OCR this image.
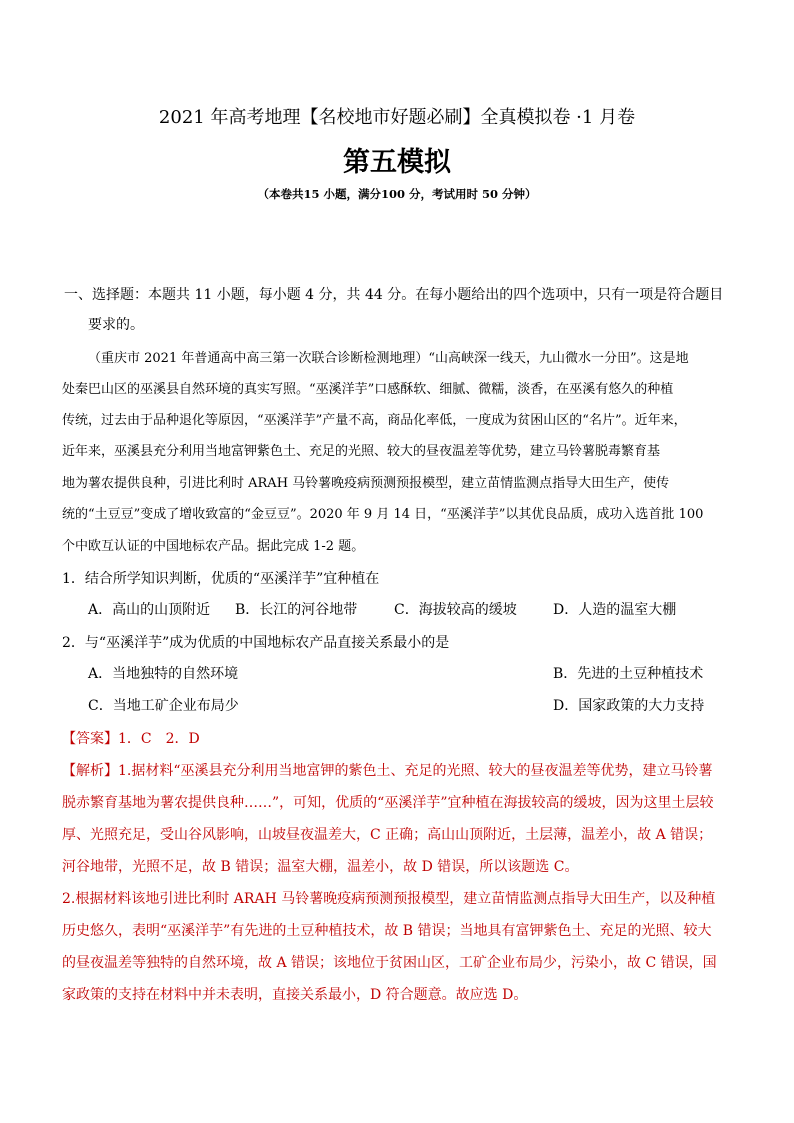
2021 年高考地理【名校地市好题必刷】全真模拟卷 ·1 月卷
第五模拟
（本卷共15 小题，满分100 分，考试用时 50 分钟）
一、选择题：本题共 11 小题，每小题 4 分，共 44 分。在每小题给出的四个选项中，只有一项是符合题目
要求的。
（重庆市 2021 年普通高中高三第一次联合诊断检测地理）“山高峡深一线天，九山微水一分田”。这是地
处秦巴山区的巫溪县自然环境的真实写照。“巫溪洋芋”口感酥软、细腻、微糯，淡香，在巫溪有悠久的种植
传统，过去由于品种退化等原因，“巫溪洋芋”产量不高，商品化率低，一度成为贫困山区的“名片”。近年来，
近年来，巫溪县充分利用当地富钾紫色土、充足的光照、较大的昼夜温差等优势，建立马铃薯脱毒繁育基
地为薯农提供良种，引进比利时 ARAH 马铃薯晚疫病预测预报模型，建立苗情监测点指导大田生产，使传
统的“土豆豆”变成了增收致富的“金豆豆”。2020 年 9 月 14 日，“巫溪洋芋”以其优良品质，成功入选首批 100
个中欧互认证的中国地标农产品。据此完成 1-2 题。
1．结合所学知识判断，优质的“巫溪洋芋”宜种植在
A．高山的山顶附近 B．长江的河谷地带	C．海拔较高的缓坡	D．人造的温室大棚
2．与“巫溪洋芋”成为优质的中国地标农产品直接关系最小的是
A．当地独特的自然环境	B．先进的土豆种植技术
C．当地工矿企业布局少	D．国家政策的大力支持
【答案】1．C　2．D
【解析】1.据材料“巫溪县充分利用当地富钾的紫色土、充足的光照、较大的昼夜温差等优势，建立马铃薯
脱赤繁育基地为薯农提供良种……”，可知，优质的“巫溪洋芋”宜种植在海拔较高的缓坡，因为这里土层较
厚、光照充足，受山谷风影响，山坡昼夜温差大，C 正确；高山山顶附近，土层薄，温差小，故 A 错误；
河谷地带，光照不足，故 B 错误；温室大棚，温差小，故 D 错误，所以该题选 C。
2.根据材料该地引进比利时 ARAH 马铃薯晚疫病预测预报模型，建立苗情监测点指导大田生产，以及种植
历史悠久，表明“巫溪洋芋”有先进的土豆种植技术，故 B 错误；当地具有富钾紫色土、充足的光照、较大
的昼夜温差等独特的自然环境，故 A 错误；该地位于贫困山区，工矿企业布局少，污染小，故 C 错误，国
家政策的支持在材料中并未表明，直接关系最小，D 符合题意。故应选 D。
